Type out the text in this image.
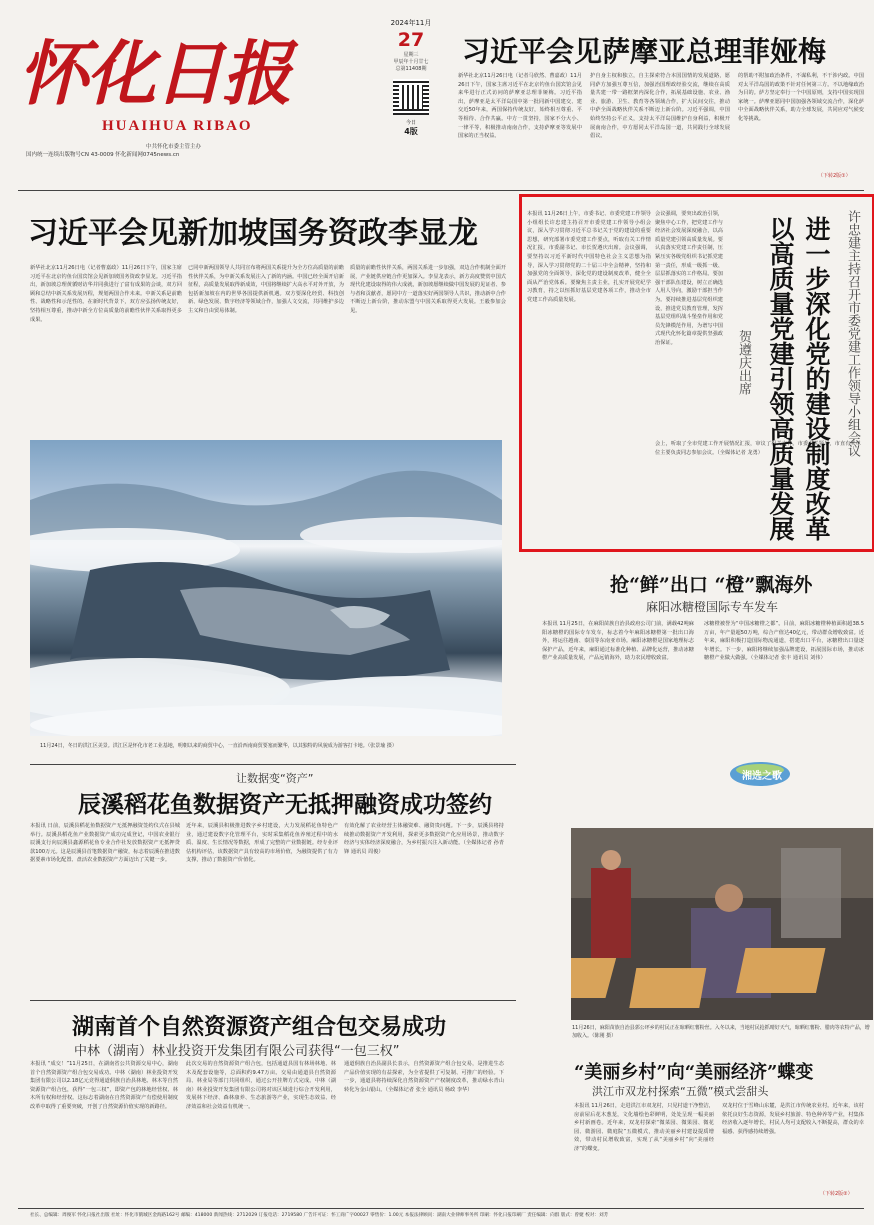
怀化日报
HUAIHUA RIBAO
中共怀化市委主管主办
国内统一连续出版物号CN 43-0009 怀化新闻网0745news.cn
2024年11月
27
星期三
甲辰年十月廿七
总第11408期
今日
4版
习近平会见萨摩亚总理菲娅梅
新华社北京11月26日电（记者马欣然、曹嘉政）11月26日下午，国家主席习近平在北京钓鱼台国宾馆会见来华进行正式访问的萨摩亚总理菲娅梅。习近平指出，萨摩亚是太平洋岛国中第一批同新中国建交、建交近50年来，两国保持传统友好，始终相互尊重、平等相待、合作共赢。中方一贯坚持，国家不分大小、一律平等，积极推动南南合作，支持萨摩亚等发展中国家的正当权益。
护自身主权和独立，自主探索符合本国国情的发展道路，愿同萨方加强互尊互信，加强治国理政经验交流，继续在高质量共建一带一路框架内深化合作，拓展基础设施、农业、渔业、旅游、卫生、教育等各领域合作，扩大民间交往，推动中萨全面战略伙伴关系不断迈上新台阶。习近平强调，中国始终坚持公平正义，支持太平洋岛国维护自身利益，积极开展南南合作，中方愿同太平洋岛国一道，共同践行全球发展倡议。
的帮助不附加政治条件，不谋私利，不干涉内政。中国对太平洋岛国的政策不针对任何第三方。不以地缘政治为目的。萨方坚定奉行一个中国原则，支持中国实现国家统一。萨摩亚愿同中国加强各领域交流合作，深化萨中全面战略伙伴关系，助力全球发展，共同应对气候变化等挑战。
（下转2版①）
习近平会见新加坡国务资政李显龙
新华社北京11月26日电（记者曹嘉政）11月26日下午，国家主席习近平在北京钓鱼台国宾馆会见新加坡国务资政李显龙。习近平指出，新加坡总理黄循财访华并同我进行了富有成果的会谈，双方回顾和总结中新关系发展历程，规划两国合作未来。中新关系是前瞻性、战略性和示范性的。在新时代背景下，双方应弘扬传统友好，坚持相互尊重，推动中新全方位高质量的前瞻性伙伴关系取得更多成果。
已同中新两国领导人共同宣布将两国关系提升为全方位高质量的前瞻性伙伴关系，为中新关系发展注入了新的内涵。中国已经全面开启新征程，高质量发展取得新成效，中国将继续扩大高水平对外开放，为包括新加坡在内的世界各国提供新机遇。双方要深化经贸、科技创新、绿色发展、数字经济等领域合作，加强人文交流，共同维护多边主义和自由贸易体制。
质量的前瞻性伙伴关系，两国关系进一步加强，双边合作机制全面开展，产业链供应链合作更加深入。李显龙表示，新方高度赞赏中国式现代化建设取得的伟大成就，新加坡愿继续做中国发展的见证者、参与者和贡献者，愿同中方一道落实好两国领导人共识，推动新中合作不断迈上新台阶，推动东盟与中国关系取得更大发展。王毅参加会见。
11月24日，冬日的洪江区美景。洪江区是怀化市老工业基地，明朝以来的商贸中心，一直沿西南商贸要塞而繁华，以其独特的风貌成为游客打卡地。（张景瑜 摄）
本报讯 11月26日上午，市委书记、市委党建工作领导小组组长许忠建主持召开市委党建工作领导小组会议，深入学习贯彻习近平总书记关于党的建设的重要思想，研究部署市委党建工作要点，听取有关工作情况汇报。市委副书记、市长贺遵庆出席。会议强调，要坚持以习近平新时代中国特色社会主义思想为指导，深入学习贯彻党的二十届三中全会精神，坚持和加强党的全面领导，深化党的建设制度改革，健全全面从严治党体系。要聚焦主责主业，扎实开展党纪学习教育，持之以恒抓好基层党建各项工作，推动全市党建工作高质量发展。
会议强调，要突出政治引领，聚焦中心工作，把党建工作与经济社会发展深度融合，以高质量党建引领高质量发展。要认真落实党建工作责任制，压紧压实各级党组织书记抓党建第一责任，形成一级抓一级、层层抓落实的工作格局。要加强干部队伍建设，树立正确选人用人导向，激励干部担当作为。要持续推进基层党组织建设，推进党员教育管理，发挥基层党组织战斗堡垒作用和党员先锋模范作用，为谱写中国式现代化怀化篇章提供坚强政治保证。
会上，听取了全市党建工作开展情况汇报，审议了相关文件。市委有关领导，市直有关单位主要负责同志参加会议。（全媒体记者 龙勇）	许忠建主持召开市委党建工作领导小组会议
进一步深化党的建设制度改革
以高质量党建引领高质量发展
贺遵庆出席
抢“鲜”出口 “橙”飘海外
麻阳冰糖橙国际专车发车
本报讯 11月25日，在麻阳苗族自治县政府公司门前，满载42吨麻阳冰糖橙的国际专车发车，标志着今年麻阳冰糖橙第一批出口海外，将运往越南、泰国等东南亚市场。麻阳冰糖橙是国家地理标志保护产品，近年来，麻阳通过标准化种植、品牌化运营，推动冰糖橙产业高质量发展，产品远销海外，助力农民增收致富。
冰糖橙被誉为“中国冰糖橙之都”。目前，麻阳冰糖橙种植面积超38.5万亩，年产量超50万吨，综合产值达40亿元，带动群众增收致富。近年来，麻阳积极打造国际物流通道，搭建出口平台，冰糖橙出口量逐年增长。下一步，麻阳将继续加强品牌建设，拓展国际市场，推动冰糖橙产业做大做强。（全媒体记者 张丰 通讯员 刘伟）
湘选之歌
让数据变“资产”
辰溪稻花鱼数据资产无抵押融资成功签约
本报讯 日前，辰溪县稻花鱼数据资产无抵押融资签约仪式在县城举行。辰溪县稻花鱼产业数据资产成功完成登记，中国农业银行辰溪支行向辰溪县鑫源稻花鱼专业合作社发放数据资产无抵押贷款100万元。这是辰溪县首笔数据资产融资，标志着辰溪在推进数据要素市场化配置、盘活农业数据资产方面迈出了关键一步。
近年来，辰溪县积极推进数字乡村建设，大力发展稻花鱼特色产业，通过建设数字化管理平台，实时采集稻花鱼养殖过程中的水质、温度、生长情况等数据，形成了完整的产业数据链。经专业评估机构评估，该数据资产具有较高的市场价值，为融资提供了有力支撑，推动了数据资产价值化。
有效化解了农业经营主体融资难、融资贵问题。下一步，辰溪县将持续推动数据资产开发利用，探索更多数据资产化应用场景，推动数字经济与实体经济深度融合，为乡村振兴注入新动能。（全媒体记者 孙青锋 通讯员 周俊）
11月26日，麻阳苗族自治县郭公坪乡的村民正在晾晒红薯粉丝。入冬以来，当地村民抢抓晴好天气，晾晒红薯粉、腊肉等农特产品，增加收入。（陈刚 摄）
湖南首个自然资源资产组合包交易成功
中林（湖南）林业投资开发集团有限公司获得“一包三权”
本报讯 “成交！”11月25日，在湖南省公共资源交易中心，湖南首个自然资源资产组合包交易成功。中林（湖南）林业投资开发集团有限公司以2.18亿元竞得通道侗族自治县林地、林木等自然资源资产组合包，获得“一包三权”，即资产包的林地经营权、林木所有权和经营权。这标志着湖南在自然资源资产有偿使用制度改革中取得了重要突破，开创了自然资源价值实现的新路径。
此次交易的自然资源资产组合包，包括通道县国有林场林地、林木及配套设施等，总面积约9.47万亩。交易由通道县自然资源局、林业局等部门共同组织，通过公开挂牌方式完成。中林（湖南）林业投资开发集团有限公司将对该区域进行综合开发利用，发展林下经济、森林康养、生态旅游等产业，实现生态效益、经济效益和社会效益有机统一。
通道侗族自治县副县长表示，自然资源资产组合包交易，是推进生态产品价值实现的有益探索，为全省提供了可复制、可推广的经验。下一步，通道县将持续深化自然资源资产产权制度改革，推动绿水青山转化为金山银山。（全媒体记者 张全 通讯员 杨政 李华）
“美丽乡村”向“美丽经济”蝶变
洪江市双龙村探索“五微”模式尝甜头
本报讯 11月26日，走进洪江市双龙村，只见村道干净整洁，房前屋后花木葱茏，文化墙绘色彩鲜明，处处呈现一幅美丽乡村新画卷。近年来，双龙村探索“微菜园、微果园、微花园、微游园、微庭院”五微模式，推动美丽乡村建设提质增效，带动村民增收致富，实现了从“美丽乡村”向“美丽经济”的蝶变。
双龙村位于雪峰山东麓，是洪江市传统农业村。近年来，该村依托良好生态资源，发展乡村旅游、特色种养等产业，村集体经济收入逐年增长，村民人均可支配收入不断提高，群众的幸福感、获得感持续增强。
（下转2版②）
社长、总编辑：周俊军 怀化日报社出版 社址：怀化市鹤城区金海路162号 邮编：418000 新闻热线：2712029 订报电话：2719580 广告许可证：怀工商广字00027 零售价：1.00元 本报法律顾问：湖南大业律师事务所 印刷：怀化日报印刷厂 责任编辑：向群 版式：曾婕 校对：刘芳
